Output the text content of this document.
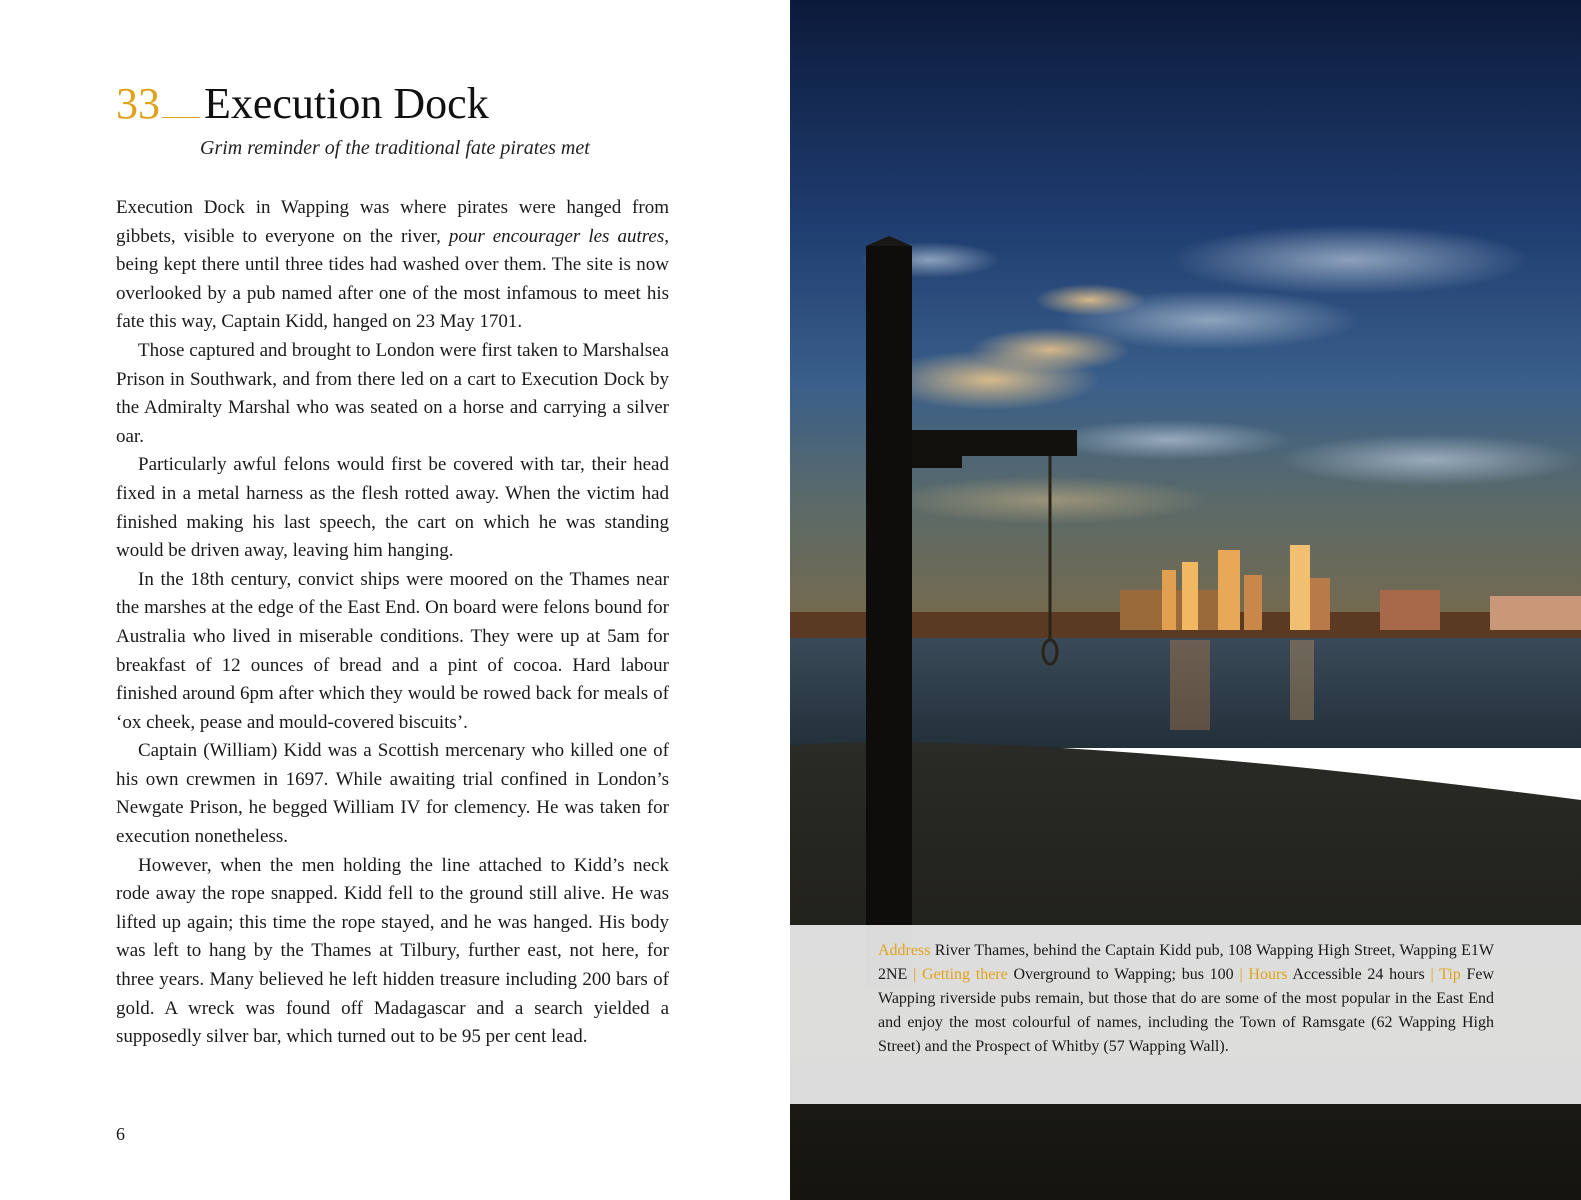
33 Execution Dock
Grim reminder of the traditional fate pirates met

Execution Dock in Wapping was where pirates were hanged from gibbets, visible to everyone on the river, pour encourager les autres, being kept there until three tides had washed over them. The site is now overlooked by a pub named after one of the most infamous to meet his fate this way, Captain Kidd, hanged on 23 May 1701.

Those captured and brought to London were first taken to Marshalsea Prison in Southwark, and from there led on a cart to Execution Dock by the Admiralty Marshal who was seated on a horse and carrying a silver oar.

Particularly awful felons would first be covered with tar, their head fixed in a metal harness as the flesh rotted away. When the victim had finished making his last speech, the cart on which he was standing would be driven away, leaving him hanging.

In the 18th century, convict ships were moored on the Thames near the marshes at the edge of the East End. On board were felons bound for Australia who lived in miserable conditions. They were up at 5am for breakfast of 12 ounces of bread and a pint of cocoa. Hard labour finished around 6pm after which they would be rowed back for meals of ‘ox cheek, pease and mould-covered biscuits’.

Captain (William) Kidd was a Scottish mercenary who killed one of his own crewmen in 1697. While awaiting trial confined in London’s Newgate Prison, he begged William IV for clemency. He was taken for execution nonetheless.

However, when the men holding the line attached to Kidd’s neck rode away the rope snapped. Kidd fell to the ground still alive. He was lifted up again; this time the rope stayed, and he was hanged. His body was left to hang by the Thames at Tilbury, further east, not here, for three years. Many believed he left hidden treasure including 200 bars of gold. A wreck was found off Madagascar and a search yielded a supposedly silver bar, which turned out to be 95 per cent lead.

6
Address River Thames, behind the Captain Kidd pub, 108 Wapping High Street, Wapping E1W 2NE | Getting there Overground to Wapping; bus 100 | Hours Accessible 24 hours | Tip Few Wapping riverside pubs remain, but those that do are some of the most popular in the East End and enjoy the most colourful of names, including the Town of Ramsgate (62 Wapping High Street) and the Prospect of Whitby (57 Wapping Wall).
